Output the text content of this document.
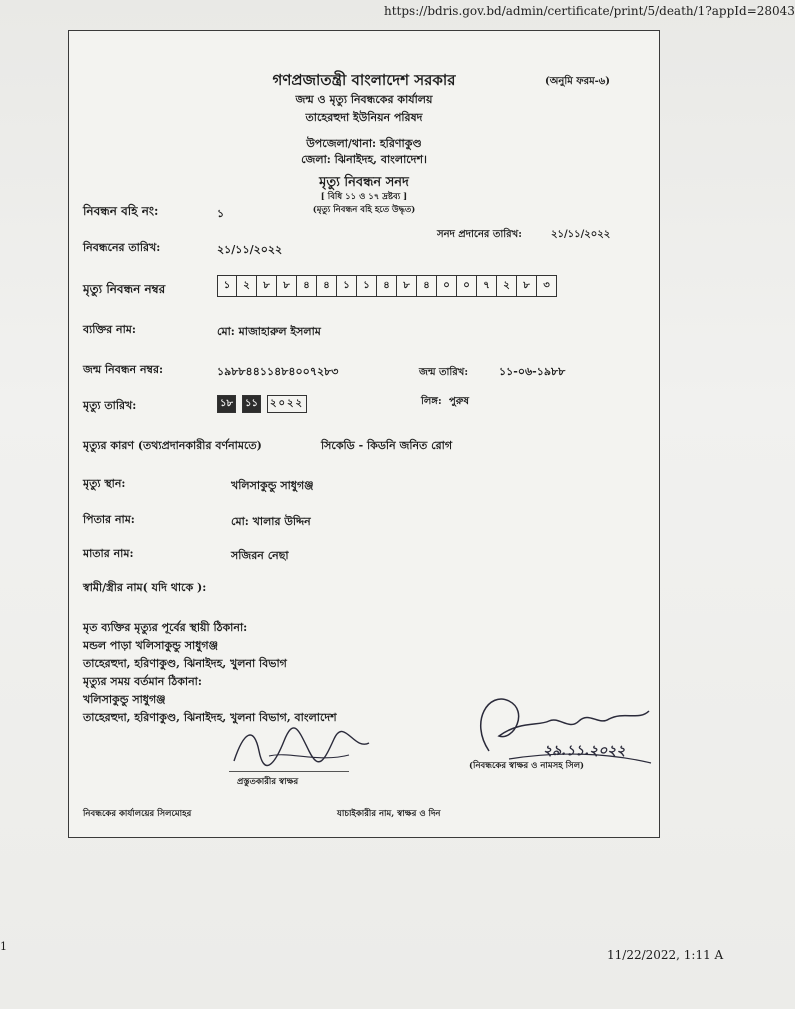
https://bdris.gov.bd/admin/certificate/print/5/death/1?appId=28043
গণপ্রজাতন্ত্রী বাংলাদেশ সরকার	(অনুমি ফরম-৬)
জন্ম ও মৃত্যু নিবন্ধকের কার্যালয়
তাহেরহুদা ইউনিয়ন পরিষদ
উপজেলা/থানা: হরিণাকুণ্ড
জেলা: ঝিনাইদহ, বাংলাদেশ।
মৃত্যু নিবন্ধন সনদ
[ বিধি ১১ ও ১৭ দ্রষ্টব্য ]
(মৃত্যু নিবন্ধন বহি হতে উদ্ধৃত)
নিবন্ধন বহি নং:	১
সনদ প্রদানের তারিখ:	২১/১১/২০২২
নিবন্ধনের তারিখ:	২১/১১/২০২২
মৃত্যু নিবন্ধন নম্বর	১	২	৮	৮	৪	৪	১	১	৪	৮	৪	০	০	৭	২	৮	৩
ব্যক্তির নাম:	মো: মাজাহারুল ইসলাম
জন্ম নিবন্ধন নম্বর:	১৯৮৮৪৪১১৪৮৪০০৭২৮৩	জন্ম তারিখ:	১১-০৬-১৯৮৮
মৃত্যু তারিখ:	১৮ ১১ ২০২২	লিঙ্গ: পুরুষ
মৃত্যুর কারণ (তথ্যপ্রদানকারীর বর্ণনামতে)	সিকেডি - কিডনি জনিত রোগ
মৃত্যু স্থান:	খলিসাকুন্ডু সাধুগঞ্জ
পিতার নাম:	মো: খালার উদ্দিন
মাতার নাম:	সজিরন নেছা
স্বামী/স্ত্রীর নাম( যদি থাকে ):
মৃত ব্যক্তির মৃত্যুর পূর্বের স্থায়ী ঠিকানা:
মন্ডল পাড়া খলিসাকুন্ডু সাধুগঞ্জ
তাহেরহুদা, হরিণাকুণ্ড, ঝিনাইদহ, খুলনা বিভাগ
মৃত্যুর সময় বর্তমান ঠিকানা:
খলিসাকুন্ডু সাধুগঞ্জ
তাহেরহুদা, হরিণাকুণ্ড, ঝিনাইদহ, খুলনা বিভাগ, বাংলাদেশ
প্রস্তুতকারীর স্বাক্ষর
২৯.১১.২০২২
(নিবন্ধকের স্বাক্ষর ও নামসহ সিল)
নিবন্ধকের কার্যালয়ের সিলমোহর	যাচাইকারীর নাম, স্বাক্ষর ও দিন
1
11/22/2022, 1:11 A
